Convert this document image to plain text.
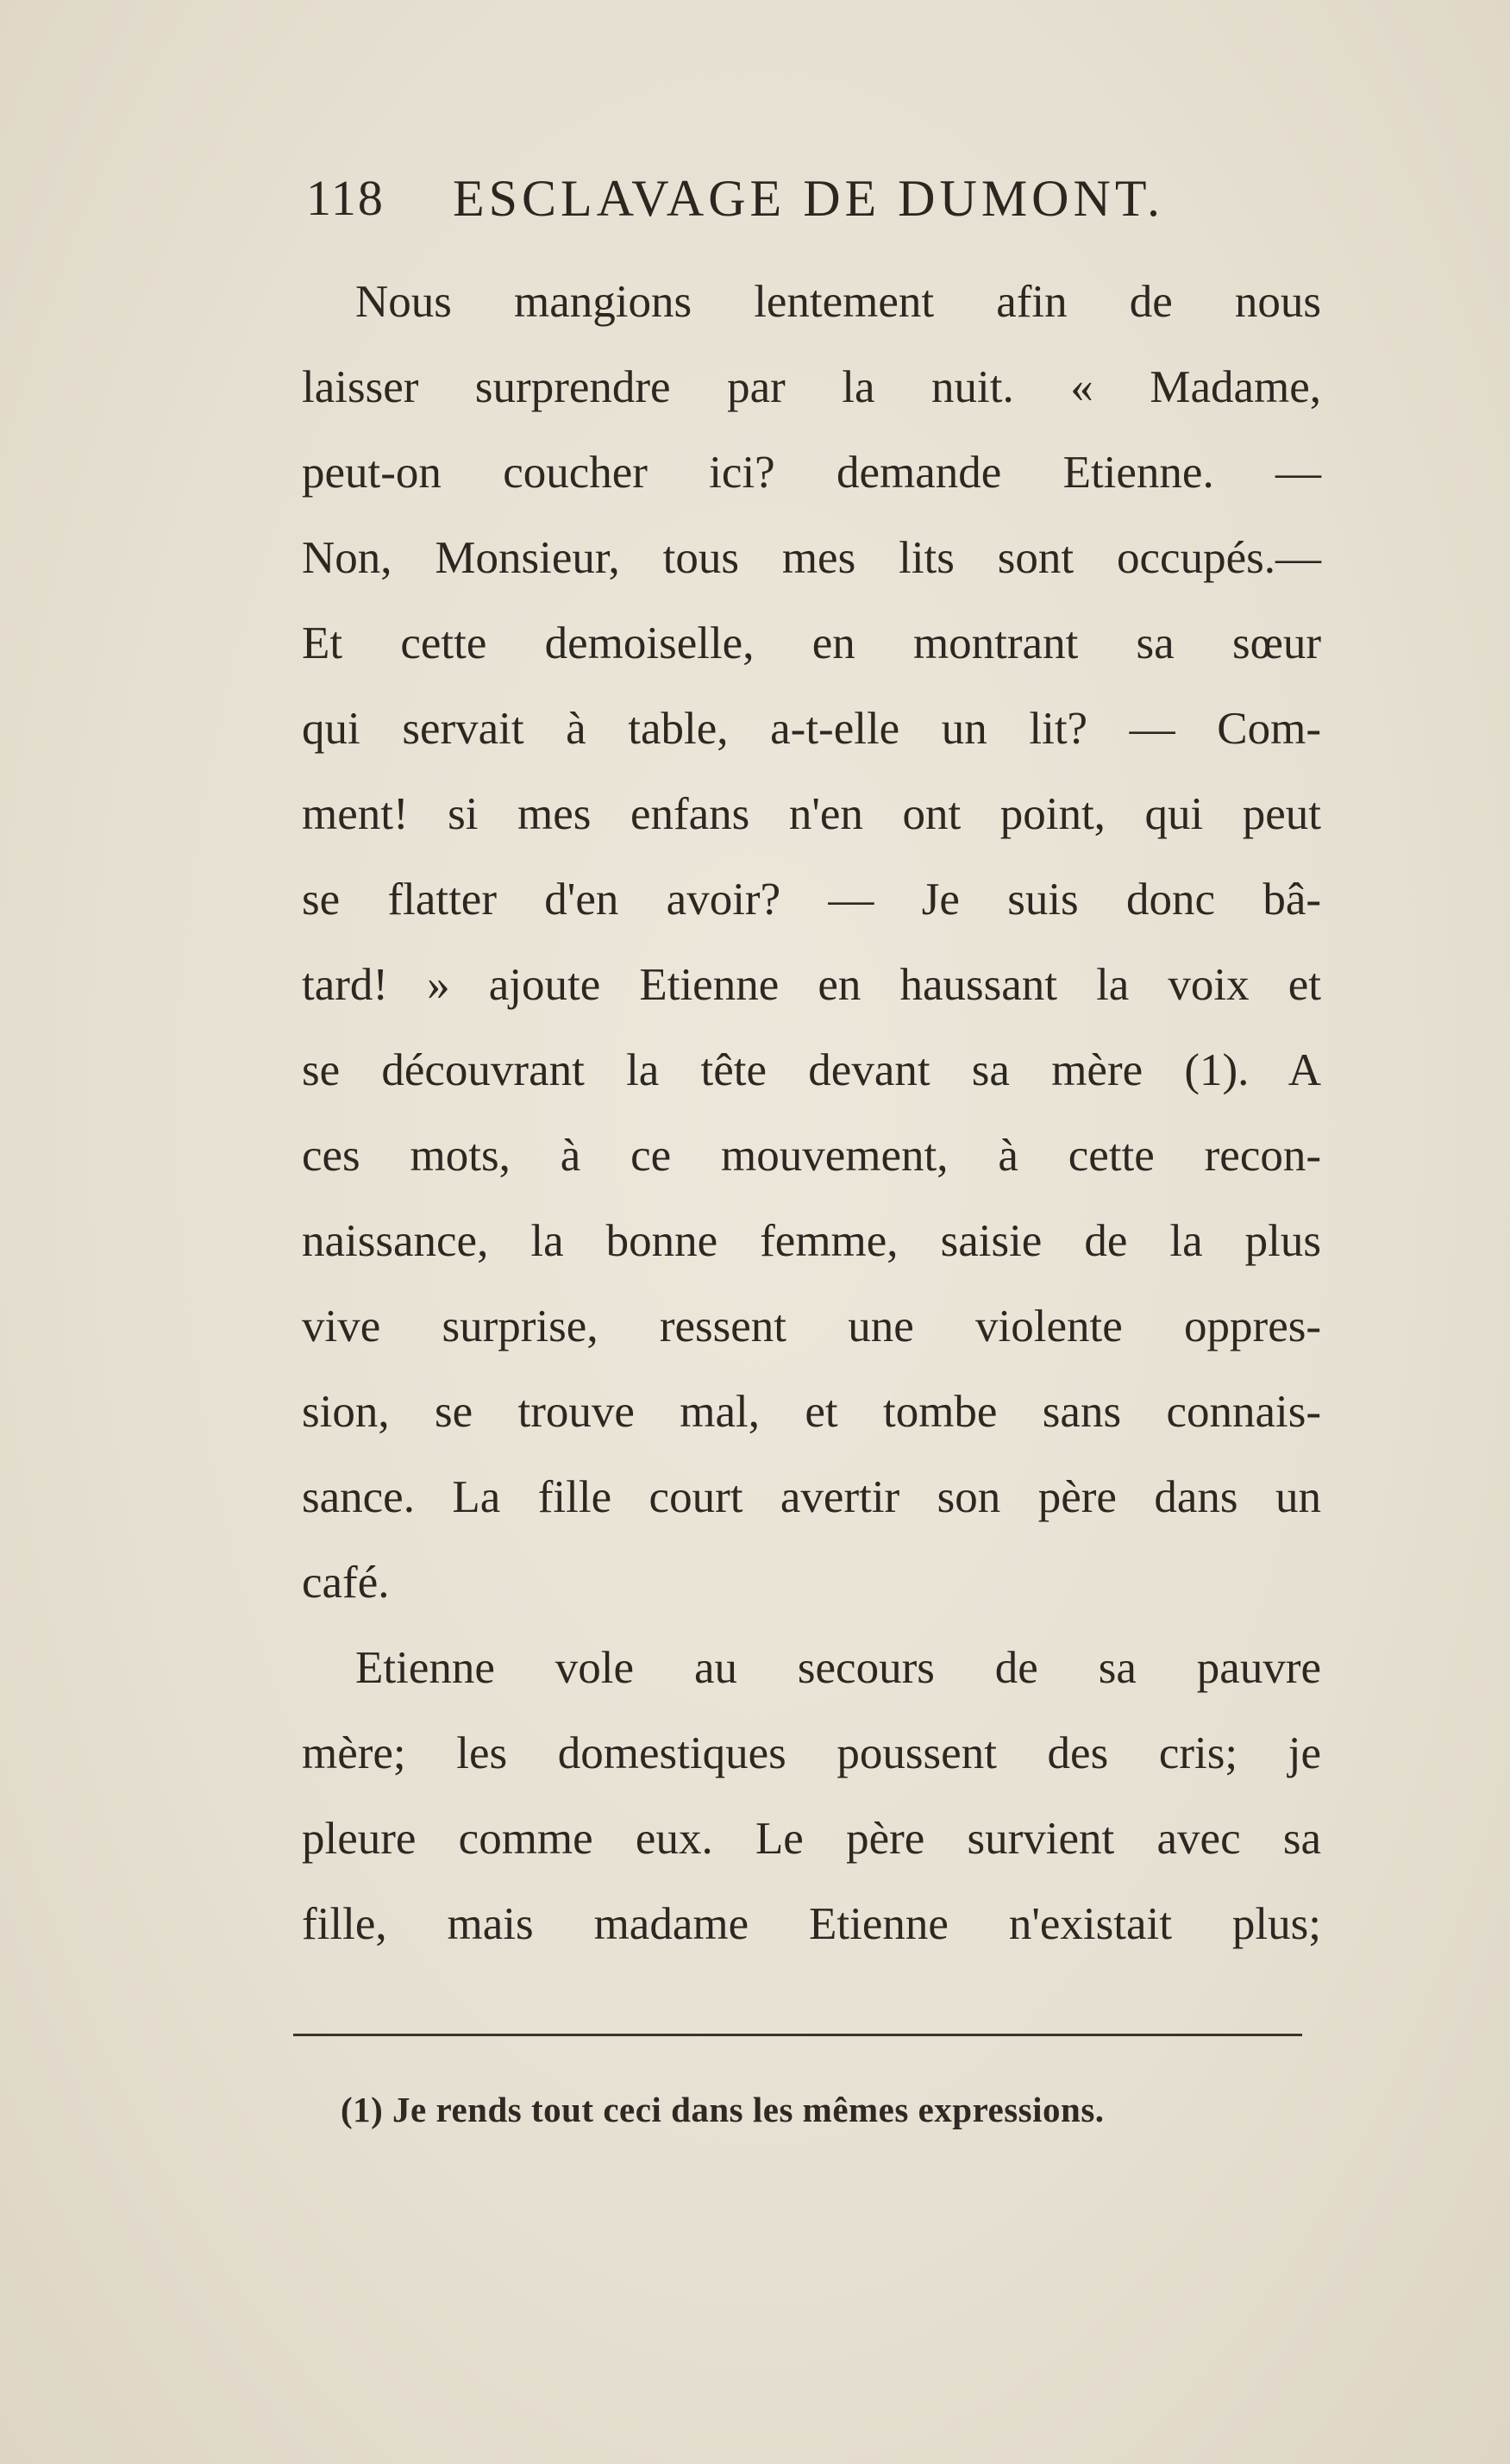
118 ESCLAVAGE DE DUMONT.
Nous mangions lentement afin de nous
laisser surprendre par la nuit. « Madame,
peut-on coucher ici? demande Etienne. —
Non, Monsieur, tous mes lits sont occupés.—
Et cette demoiselle, en montrant sa sœur
qui servait à table, a-t-elle un lit? — Com-
ment! si mes enfans n'en ont point, qui peut
se flatter d'en avoir? — Je suis donc bâ-
tard! » ajoute Etienne en haussant la voix et
se découvrant la tête devant sa mère (1). A
ces mots, à ce mouvement, à cette recon-
naissance, la bonne femme, saisie de la plus
vive surprise, ressent une violente oppres-
sion, se trouve mal, et tombe sans connais-
sance. La fille court avertir son père dans un
café.
Etienne vole au secours de sa pauvre
mère; les domestiques poussent des cris; je
pleure comme eux. Le père survient avec sa
fille, mais madame Etienne n'existait plus;
(1) Je rends tout ceci dans les mêmes expressions.
